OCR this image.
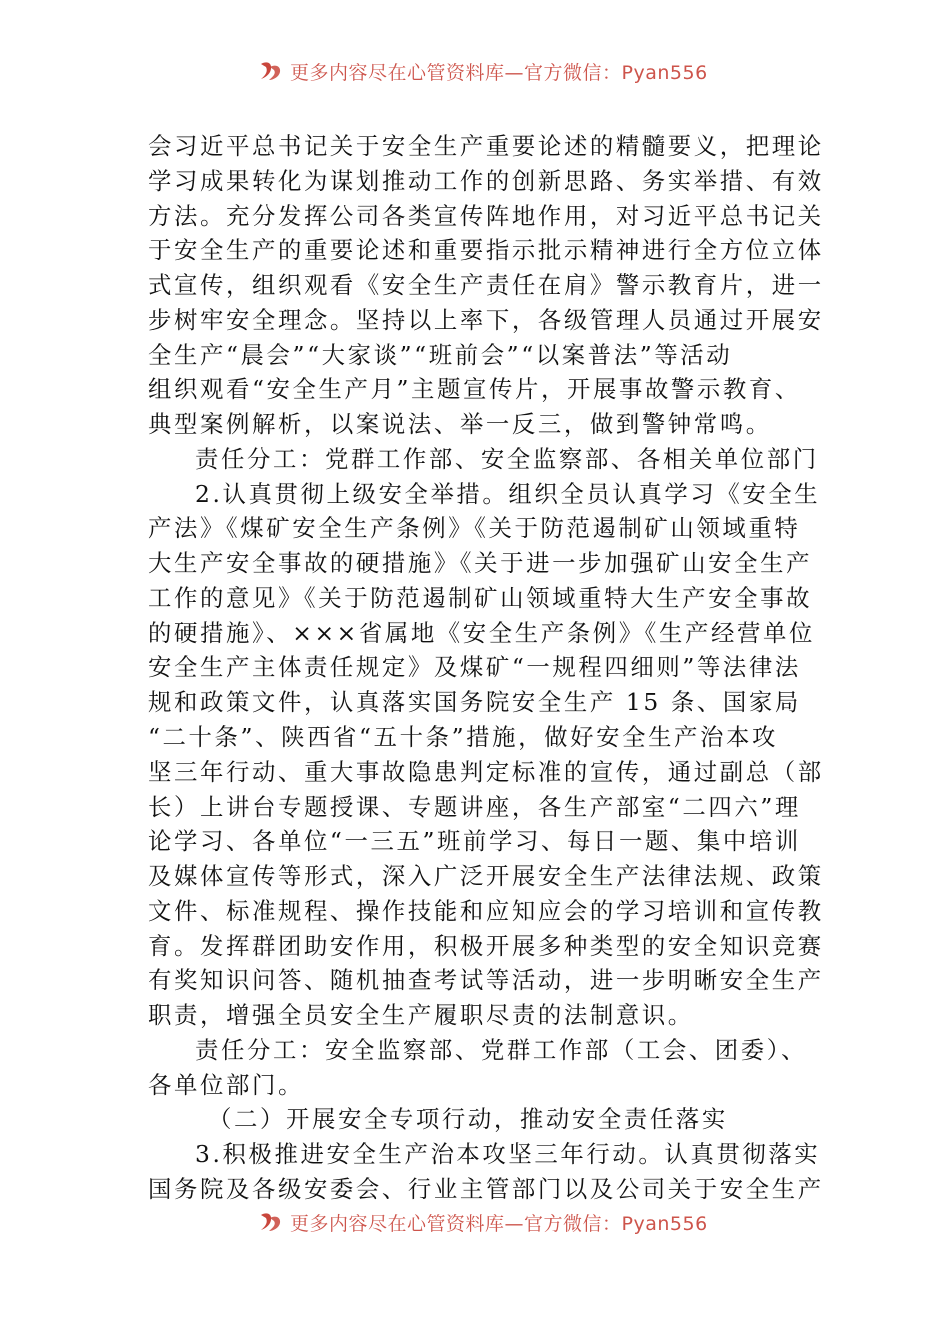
更多内容尽在心管资料库—官方微信：Pyan556
会习近平总书记关于安全生产重要论述的精髓要义，把理论
学习成果转化为谋划推动工作的创新思路、务实举措、有效
方法。充分发挥公司各类宣传阵地作用，对习近平总书记关
于安全生产的重要论述和重要指示批示精神进行全方位立体
式宣传，组织观看《安全生产责任在肩》警示教育片，进一
步树牢安全理念。坚持以上率下，各级管理人员通过开展安
全生产“晨会”“大家谈”“班前会”“以案普法”等活动
组织观看“安全生产月”主题宣传片，开展事故警示教育、
典型案例解析，以案说法、举一反三，做到警钟常鸣。
责任分工：党群工作部、安全监察部、各相关单位部门
2.认真贯彻上级安全举措。组织全员认真学习《安全生
产法》《煤矿安全生产条例》《关于防范遏制矿山领域重特
大生产安全事故的硬措施》《关于进一步加强矿山安全生产
工作的意见》《关于防范遏制矿山领域重特大生产安全事故
的硬措施》、×××省属地《安全生产条例》《生产经营单位
安全生产主体责任规定》及煤矿“一规程四细则”等法律法
规和政策文件，认真落实国务院安全生产 15 条、国家局
“二十条”、陕西省“五十条”措施，做好安全生产治本攻
坚三年行动、重大事故隐患判定标准的宣传，通过副总（部
长）上讲台专题授课、专题讲座，各生产部室“二四六”理
论学习、各单位“一三五”班前学习、每日一题、集中培训
及媒体宣传等形式，深入广泛开展安全生产法律法规、政策
文件、标准规程、操作技能和应知应会的学习培训和宣传教
育。发挥群团助安作用，积极开展多种类型的安全知识竞赛
有奖知识问答、随机抽查考试等活动，进一步明晰安全生产
职责，增强全员安全生产履职尽责的法制意识。
责任分工：安全监察部、党群工作部（工会、团委）、
各单位部门。
（二）开展安全专项行动，推动安全责任落实
3.积极推进安全生产治本攻坚三年行动。认真贯彻落实
国务院及各级安委会、行业主管部门以及公司关于安全生产
更多内容尽在心管资料库—官方微信：Pyan556
